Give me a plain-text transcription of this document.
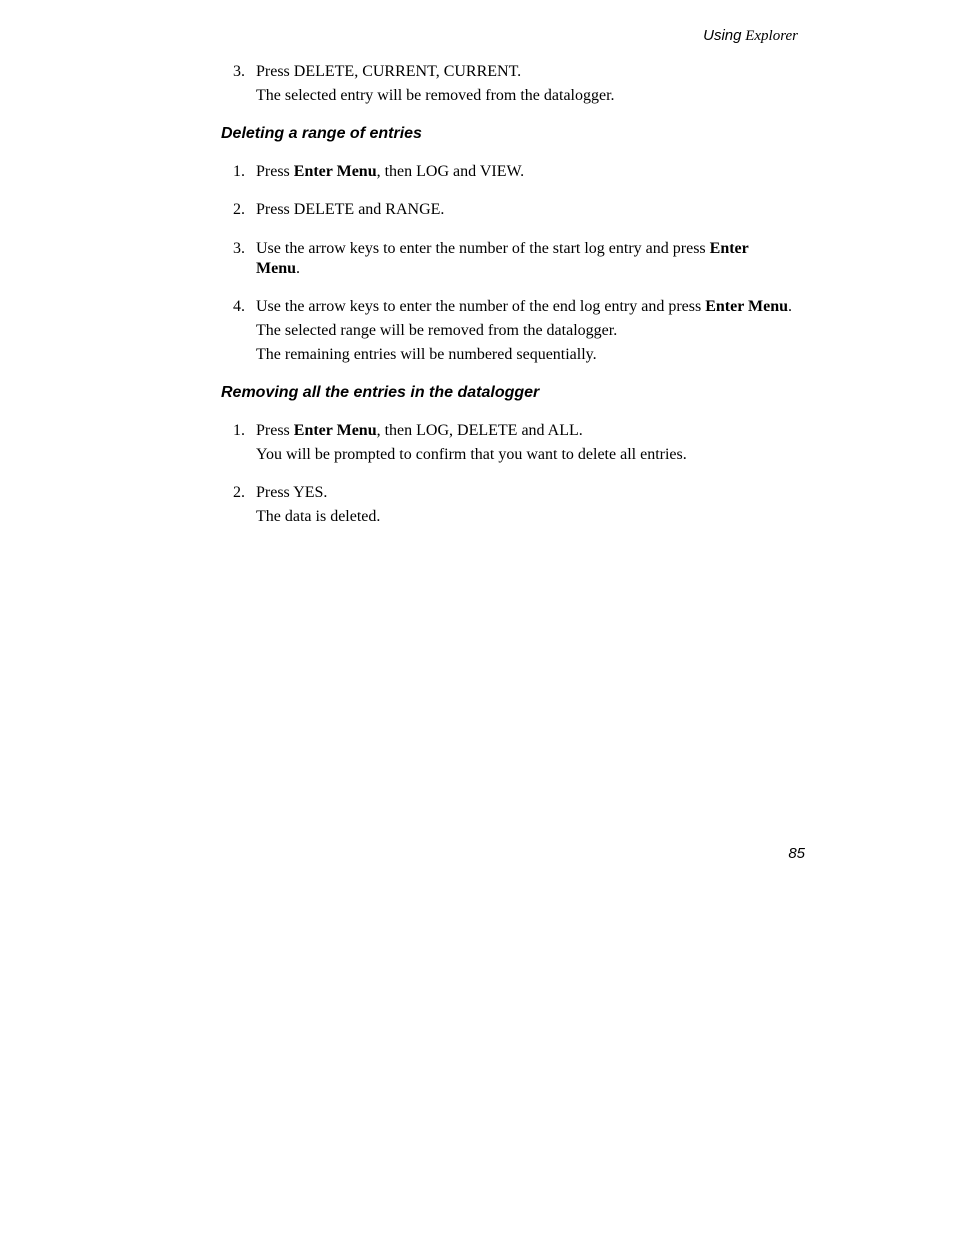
Using Explorer
3. Press DELETE, CURRENT, CURRENT.
The selected entry will be removed from the datalogger.
Deleting a range of entries
1. Press Enter Menu, then LOG and VIEW.
2. Press DELETE and RANGE.
3. Use the arrow keys to enter the number of the start log entry and press Enter Menu.
4. Use the arrow keys to enter the number of the end log entry and press Enter Menu.
The selected range will be removed from the datalogger.
The remaining entries will be numbered sequentially.
Removing all the entries in the datalogger
1. Press Enter Menu, then LOG, DELETE and ALL.
You will be prompted to confirm that you want to delete all entries.
2. Press YES.
The data is deleted.
85
